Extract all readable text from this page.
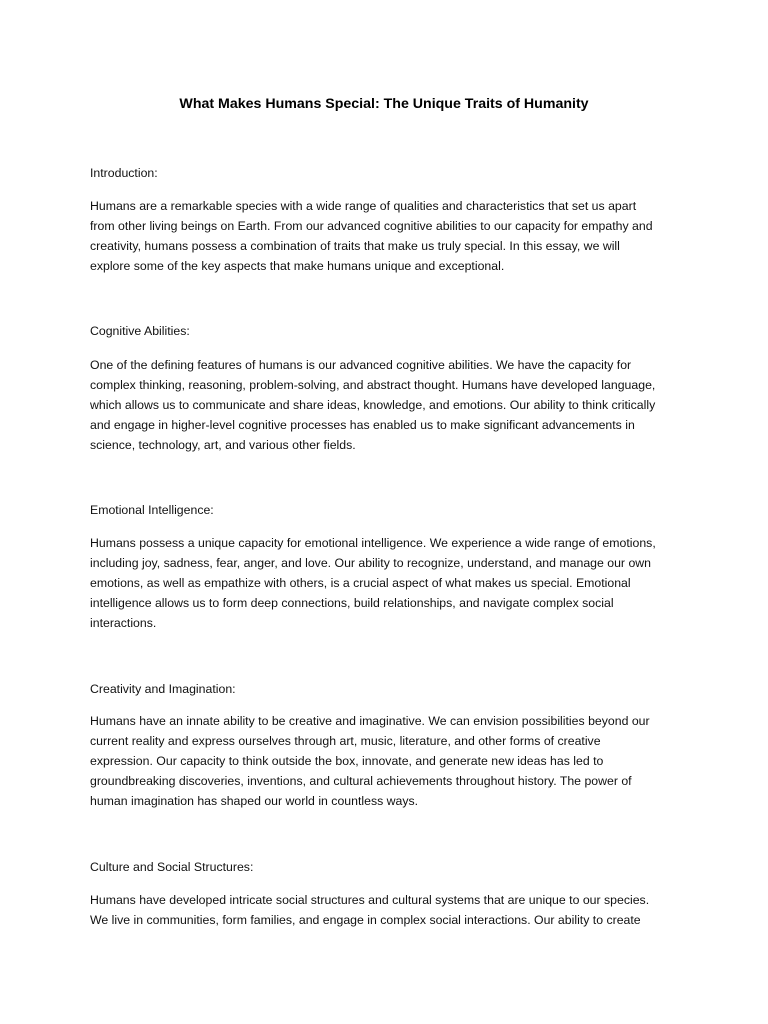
What Makes Humans Special: The Unique Traits of Humanity
Introduction:

Humans are a remarkable species with a wide range of qualities and characteristics that set us apart
from other living beings on Earth. From our advanced cognitive abilities to our capacity for empathy and
creativity, humans possess a combination of traits that make us truly special. In this essay, we will
explore some of the key aspects that make humans unique and exceptional.

Cognitive Abilities:

One of the defining features of humans is our advanced cognitive abilities. We have the capacity for
complex thinking, reasoning, problem-solving, and abstract thought. Humans have developed language,
which allows us to communicate and share ideas, knowledge, and emotions. Our ability to think critically
and engage in higher-level cognitive processes has enabled us to make significant advancements in
science, technology, art, and various other fields.

Emotional Intelligence:

Humans possess a unique capacity for emotional intelligence. We experience a wide range of emotions,
including joy, sadness, fear, anger, and love. Our ability to recognize, understand, and manage our own
emotions, as well as empathize with others, is a crucial aspect of what makes us special. Emotional
intelligence allows us to form deep connections, build relationships, and navigate complex social
interactions.

Creativity and Imagination:

Humans have an innate ability to be creative and imaginative. We can envision possibilities beyond our
current reality and express ourselves through art, music, literature, and other forms of creative
expression. Our capacity to think outside the box, innovate, and generate new ideas has led to
groundbreaking discoveries, inventions, and cultural achievements throughout history. The power of
human imagination has shaped our world in countless ways.

Culture and Social Structures:

Humans have developed intricate social structures and cultural systems that are unique to our species.
We live in communities, form families, and engage in complex social interactions. Our ability to create
